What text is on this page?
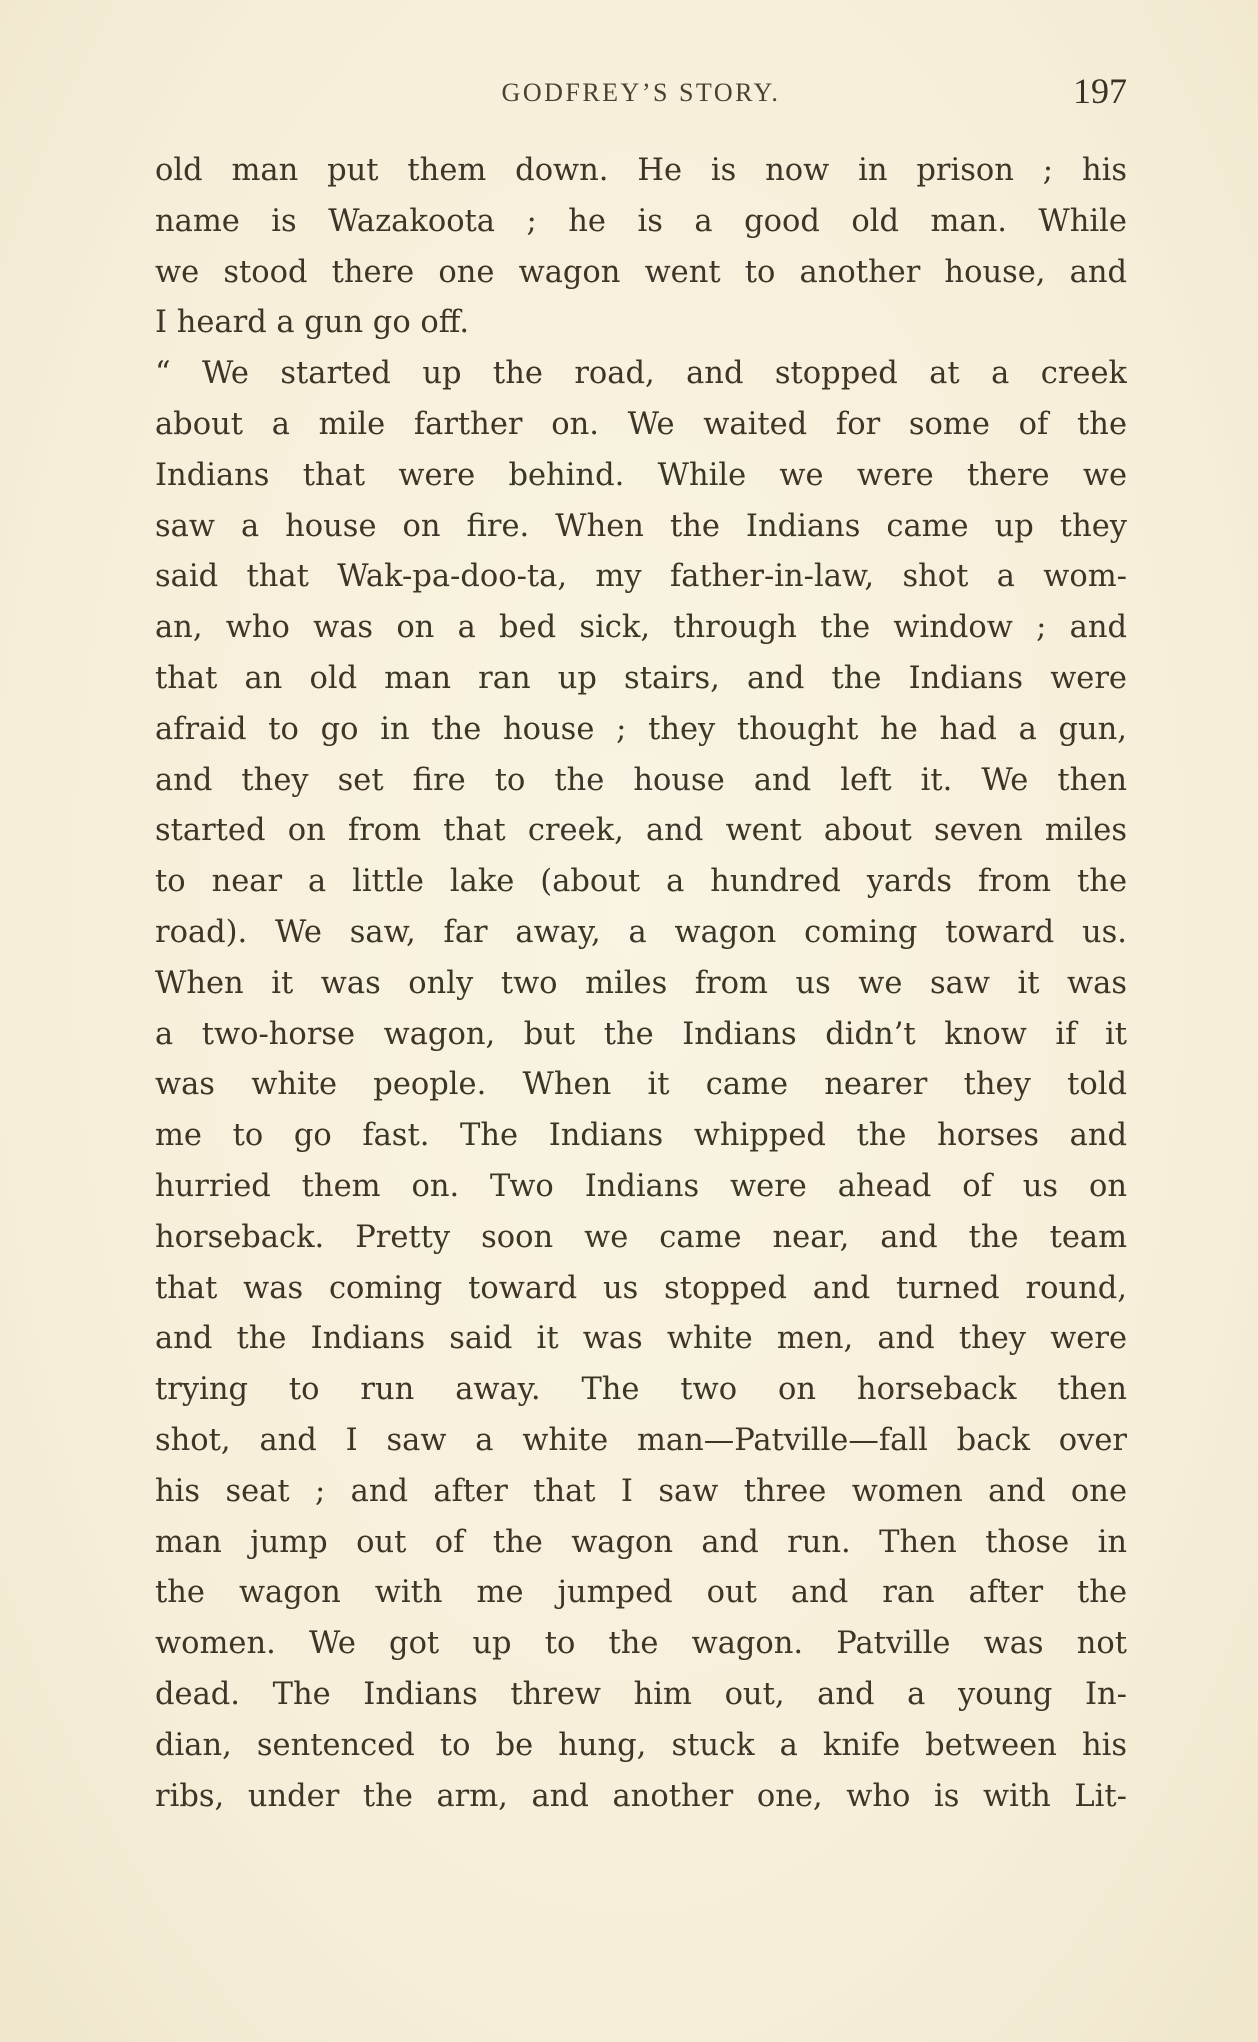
GODFREY’S STORY.	197
old man put them down. He is now in prison ; his
name is Wazakoota ; he is a good old man. While
we stood there one wagon went to another house, and
I heard a gun go off.
“ We started up the road, and stopped at a creek
about a mile farther on. We waited for some of the
Indians that were behind. While we were there we
saw a house on fire. When the Indians came up they
said that Wak-pa-doo-ta, my father-in-law, shot a wom-
an, who was on a bed sick, through the window ; and
that an old man ran up stairs, and the Indians were
afraid to go in the house ; they thought he had a gun,
and they set fire to the house and left it. We then
started on from that creek, and went about seven miles
to near a little lake (about a hundred yards from the
road). We saw, far away, a wagon coming toward us.
When it was only two miles from us we saw it was
a two-horse wagon, but the Indians didn’t know if it
was white people. When it came nearer they told
me to go fast. The Indians whipped the horses and
hurried them on. Two Indians were ahead of us on
horseback. Pretty soon we came near, and the team
that was coming toward us stopped and turned round,
and the Indians said it was white men, and they were
trying to run away. The two on horseback then
shot, and I saw a white man—Patville—fall back over
his seat ; and after that I saw three women and one
man jump out of the wagon and run. Then those in
the wagon with me jumped out and ran after the
women. We got up to the wagon. Patville was not
dead. The Indians threw him out, and a young In-
dian, sentenced to be hung, stuck a knife between his
ribs, under the arm, and another one, who is with Lit-
